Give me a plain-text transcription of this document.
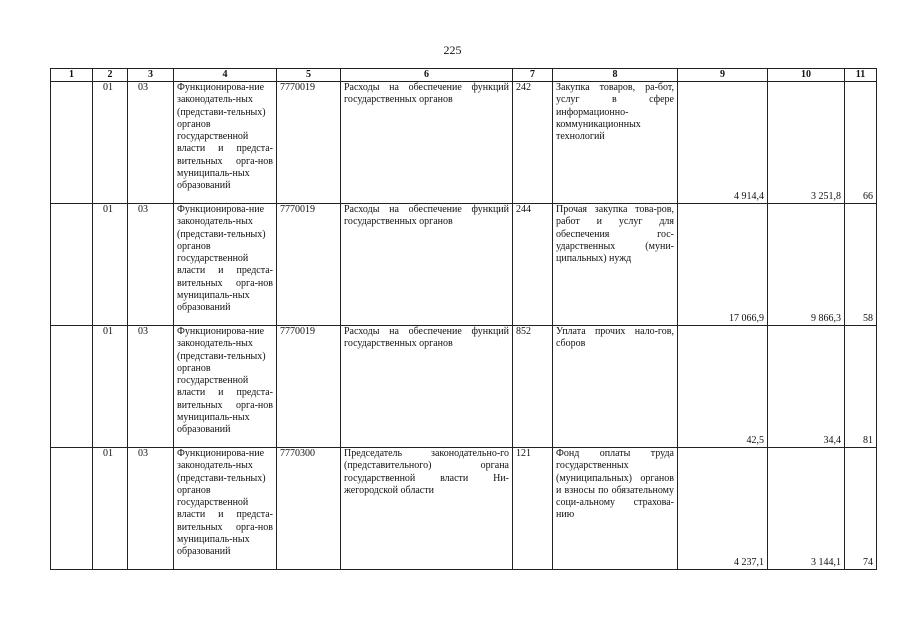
225
1	2	3	4	5	6	7	8	9	10	11
	01	03	Функционирова-ние законодатель-ных (представи-тельных) органов государственной власти и предста-вительных орга-нов муниципаль-ных образований	7770019	Расходы на обеспечение функций государственных органов	242	Закупка товаров, ра-бот, услуг в сфере информационно-коммуникационных технологий	4 914,4	3 251,8	66
	01	03	Функционирова-ние законодатель-ных (представи-тельных) органов государственной власти и предста-вительных орга-нов муниципаль-ных образований	7770019	Расходы на обеспечение функций государственных органов	244	Прочая закупка това-ров, работ и услуг для обеспечения гос-ударственных (муни-ципальных) нужд	17 066,9	9 866,3	58
	01	03	Функционирова-ние законодатель-ных (представи-тельных) органов государственной власти и предста-вительных орга-нов муниципаль-ных образований	7770019	Расходы на обеспечение функций государственных органов	852	Уплата прочих нало-гов, сборов	42,5	34,4	81
	01	03	Функционирова-ние законодатель-ных (представи-тельных) органов государственной власти и предста-вительных орга-нов муниципаль-ных образований	7770300	Председатель законодательно-го (представительного) органа государственной власти Ни-жегородской области	121	Фонд оплаты труда государственных (муниципальных) органов и взносы по обязательному соци-альному страхова-нию	4 237,1	3 144,1	74
